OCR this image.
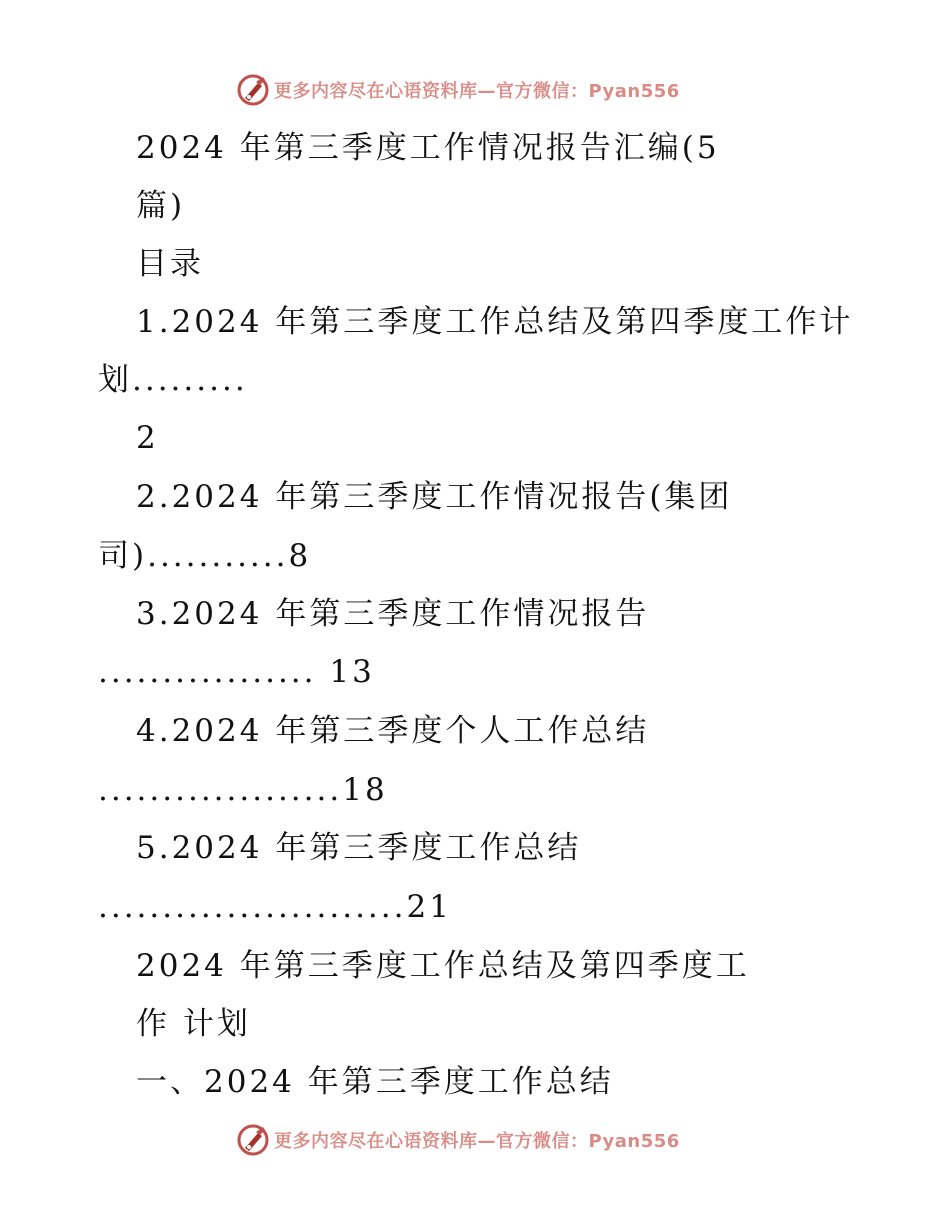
更多内容尽在心语资料库—官方微信：Pyan556
2024 年第三季度工作情况报告汇编(5
篇)
目录
1.2024 年第三季度工作总结及第四季度工作计
划.........
2
2.2024 年第三季度工作情况报告(集团
司)...........8
3.2024 年第三季度工作情况报告
................. 13
4.2024 年第三季度个人工作总结
...................18
5.2024 年第三季度工作总结
........................21
2024 年第三季度工作总结及第四季度工
作 计划
一、2024 年第三季度工作总结
更多内容尽在心语资料库—官方微信：Pyan556
